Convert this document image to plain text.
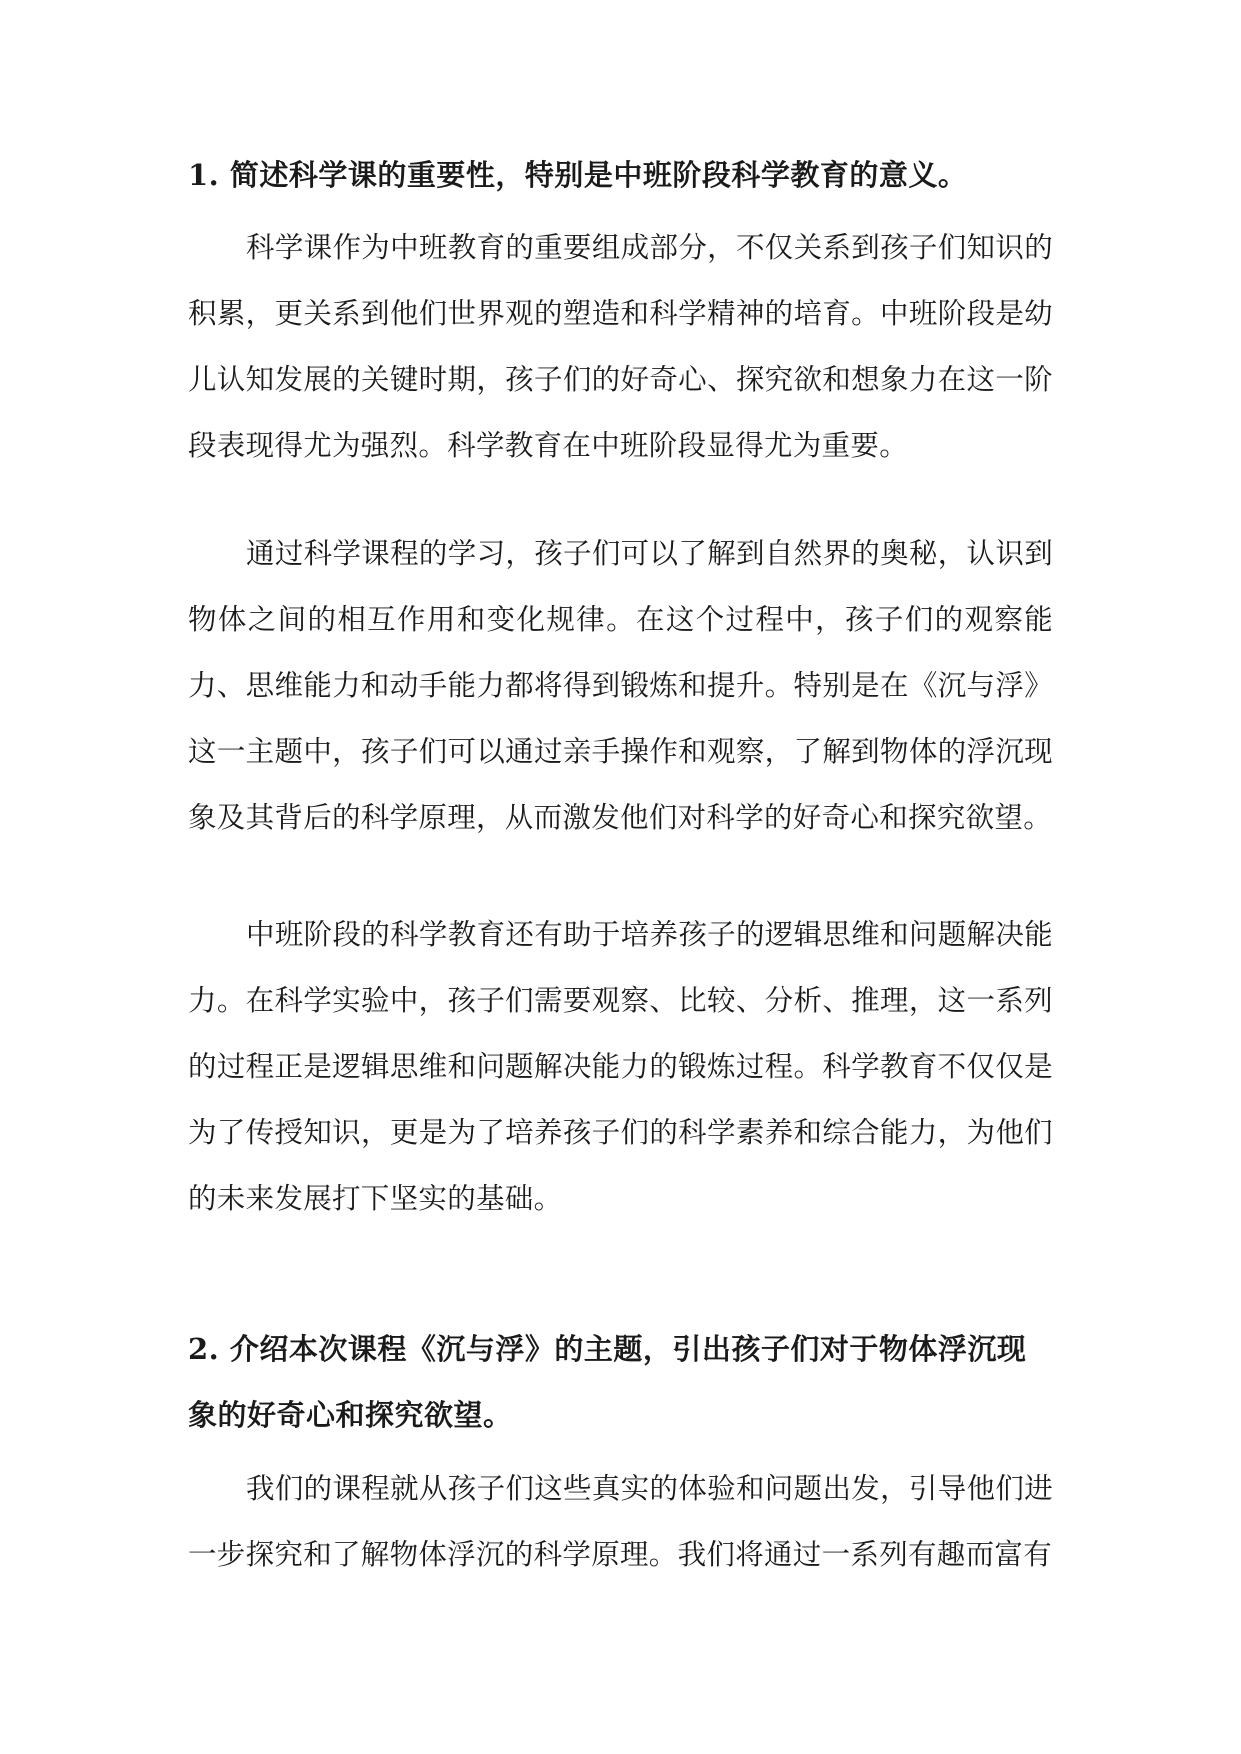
1. 简述科学课的重要性，特别是中班阶段科学教育的意义。

科学课作为中班教育的重要组成部分，不仅关系到孩子们知识的积累，更关系到他们世界观的塑造和科学精神的培育。中班阶段是幼儿认知发展的关键时期，孩子们的好奇心、探究欲和想象力在这一阶段表现得尤为强烈。科学教育在中班阶段显得尤为重要。

通过科学课程的学习，孩子们可以了解到自然界的奥秘，认识到物体之间的相互作用和变化规律。在这个过程中，孩子们的观察能力、思维能力和动手能力都将得到锻炼和提升。特别是在《沉与浮》这一主题中，孩子们可以通过亲手操作和观察，了解到物体的浮沉现象及其背后的科学原理，从而激发他们对科学的好奇心和探究欲望。

中班阶段的科学教育还有助于培养孩子的逻辑思维和问题解决能力。在科学实验中，孩子们需要观察、比较、分析、推理，这一系列的过程正是逻辑思维和问题解决能力的锻炼过程。科学教育不仅仅是为了传授知识，更是为了培养孩子们的科学素养和综合能力，为他们的未来发展打下坚实的基础。

2. 介绍本次课程《沉与浮》的主题，引出孩子们对于物体浮沉现象的好奇心和探究欲望。

我们的课程就从孩子们这些真实的体验和问题出发，引导他们进一步探究和了解物体浮沉的科学原理。我们将通过一系列有趣而富有
